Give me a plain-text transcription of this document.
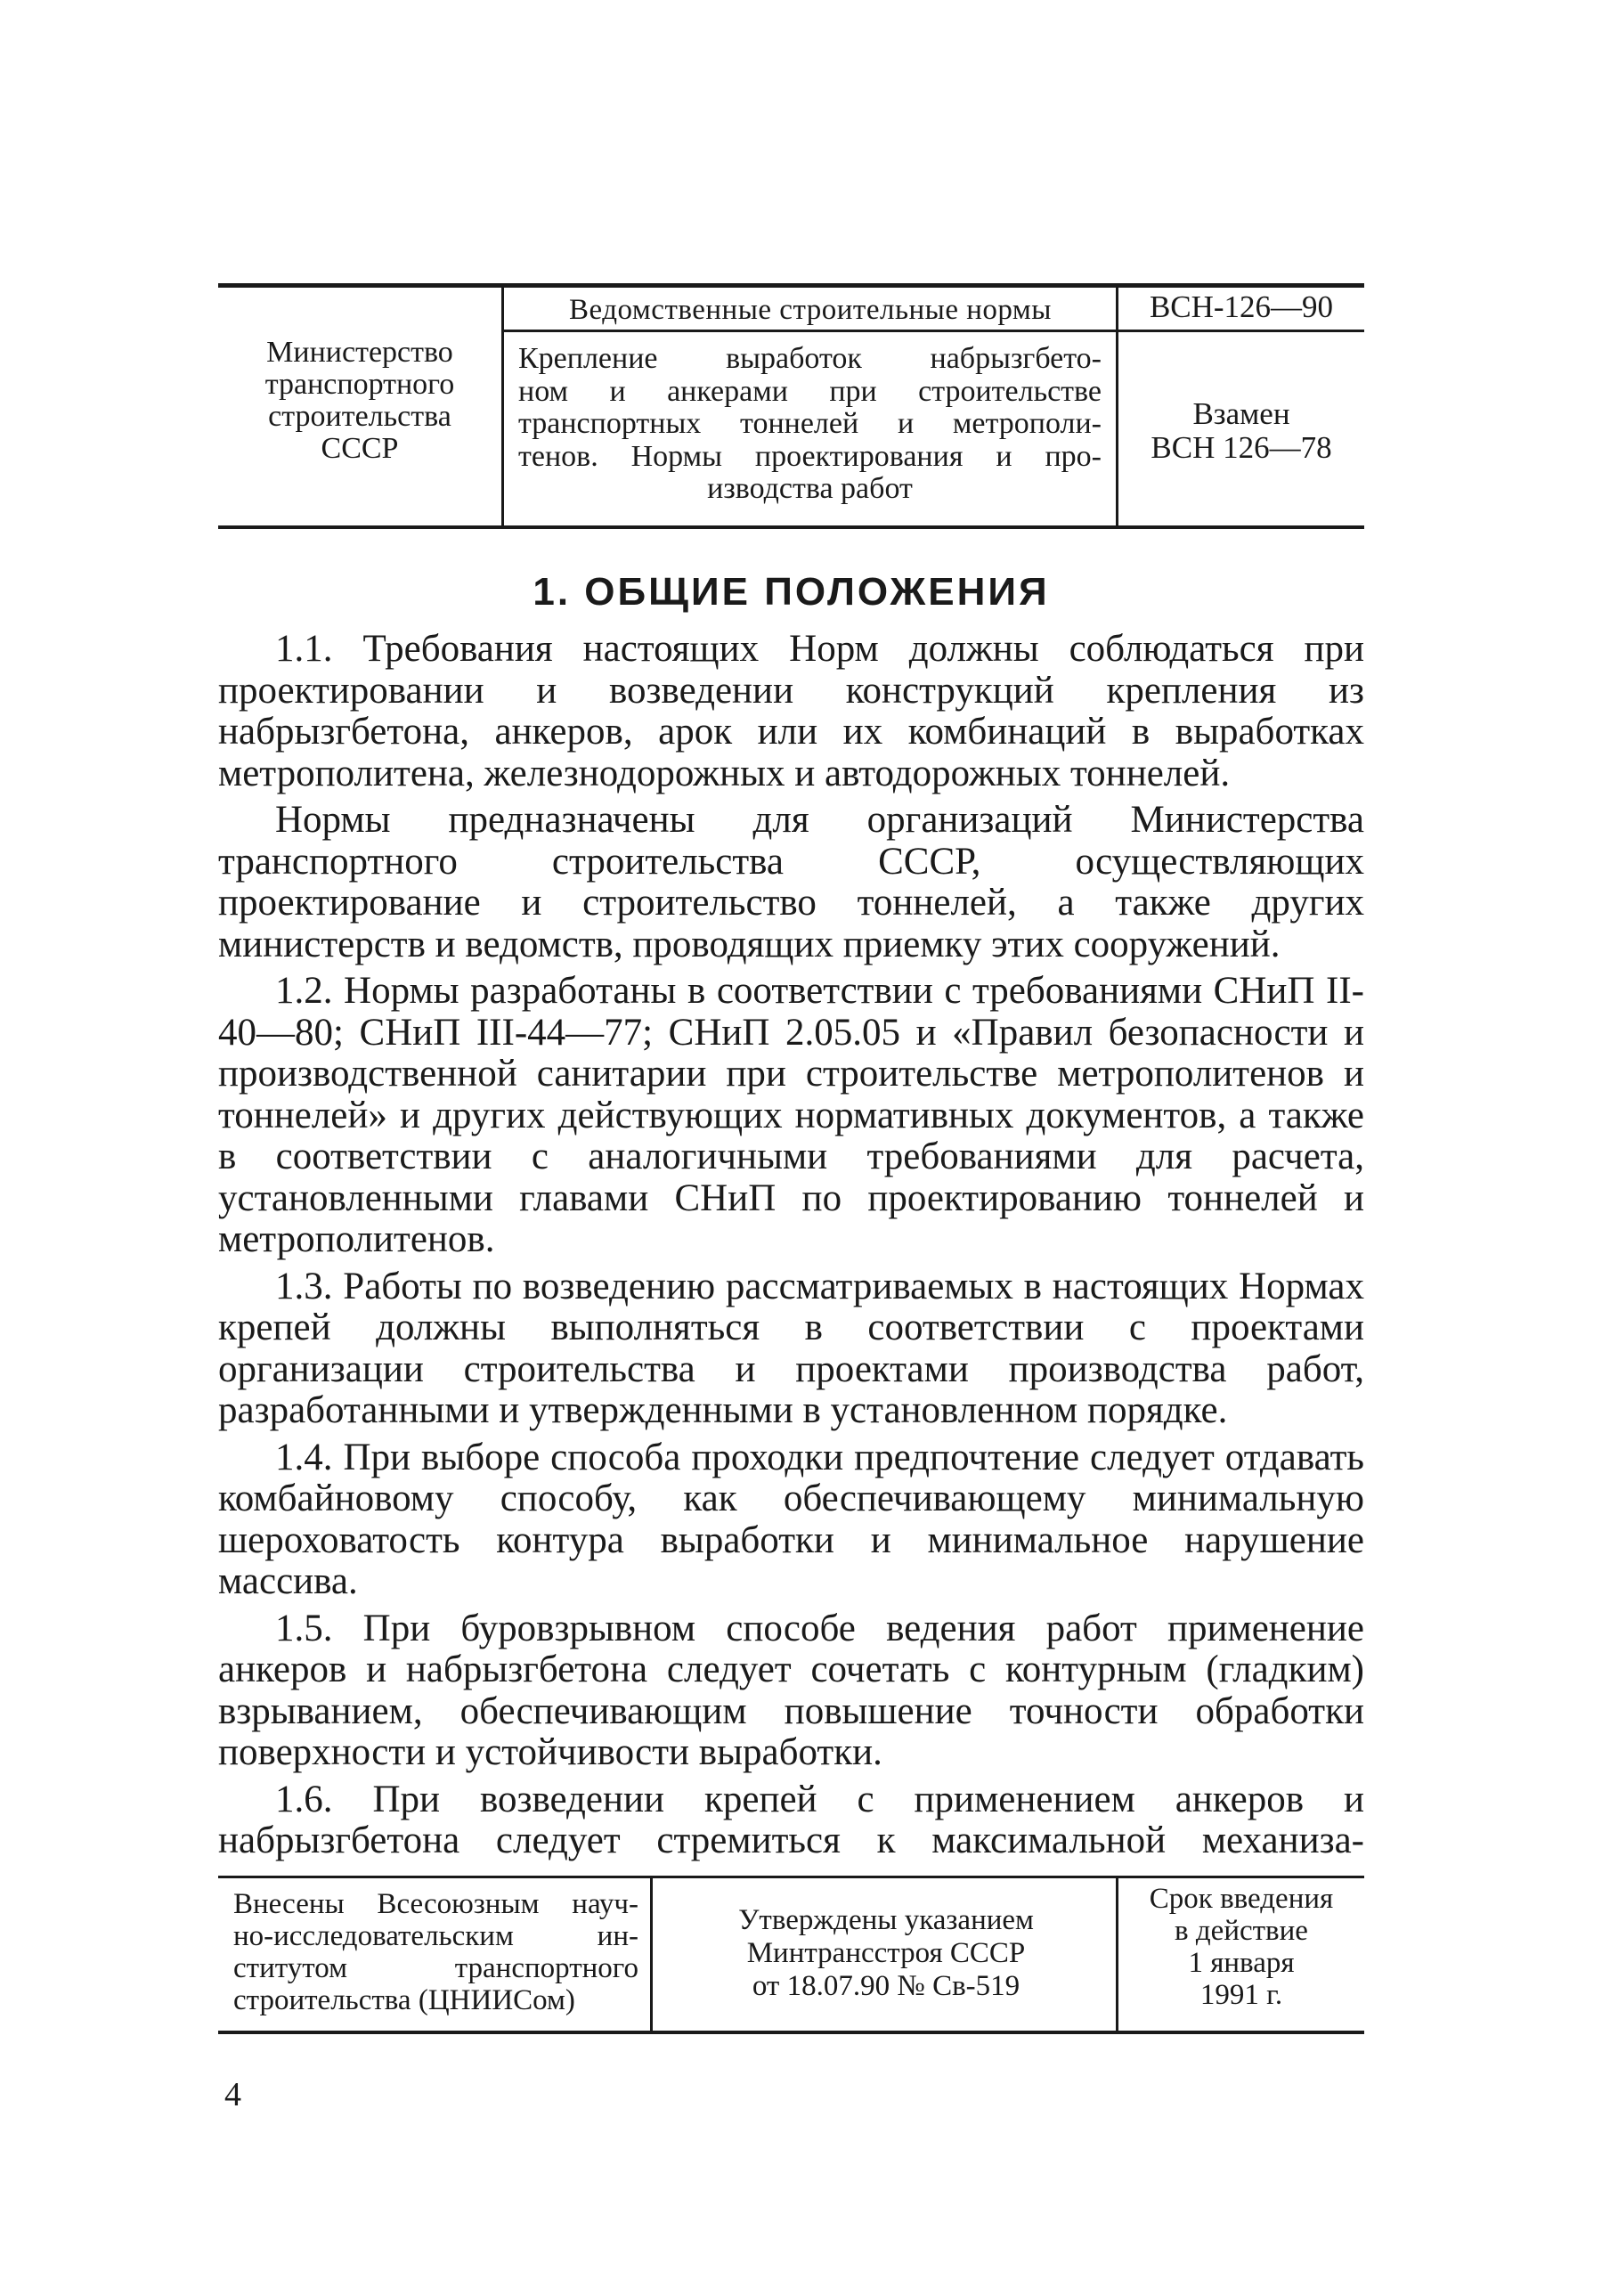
Министерство
транспортного
строительства
СССР
Ведомственные строительные нормы	ВСН-126—90
Крепление выработок набрызгбето-
ном и анкерами при строительстве
транспортных тоннелей и метрополи-
тенов. Нормы проектирования и про-
изводства работ
Взамен
ВСН 126—78
1. ОБЩИЕ ПОЛОЖЕНИЯ

1.1. Требования настоящих Норм должны соблюдаться при проектировании и возведении конструкций крепления из набрызгбетона, анкеров, арок или их комбинаций в выработках метрополитена, железнодорожных и автодорожных тоннелей.

Нормы предназначены для организаций Министерства транспортного строительства СССР, осуществляющих проектирование и строительство тоннелей, а также других министерств и ведомств, проводящих приемку этих сооружений.

1.2. Нормы разработаны в соответствии с требованиями СНиП II-40—80; СНиП III-44—77; СНиП 2.05.05 и «Правил безопасности и производственной санитарии при строительстве метрополитенов и тоннелей» и других действующих нормативных документов, а также в соответствии с аналогичными требованиями для расчета, установленными главами СНиП по проектированию тоннелей и метрополитенов.

1.3. Работы по возведению рассматриваемых в настоящих Нормах крепей должны выполняться в соответствии с проектами организации строительства и проектами производства работ, разработанными и утвержденными в установленном порядке.

1.4. При выборе способа проходки предпочтение следует отдавать комбайновому способу, как обеспечивающему минимальную шероховатость контура выработки и минимальное нарушение массива.

1.5. При буровзрывном способе ведения работ применение анкеров и набрызгбетона следует сочетать с контурным (гладким) взрыванием, обеспечивающим повышение точности обработки поверхности и устойчивости выработки.

1.6. При возведении крепей с применением анкеров и набрызгбетона следует стремиться к максимальной механиза-

Внесены Всесоюзным науч-
но-исследовательским ин-
ститутом транспортного
строительства (ЦНИИСом)
Утверждены указанием
Минтрансстроя СССР
от 18.07.90 № Св-519
Срок введения
в действие
1 января
1991 г.
4
